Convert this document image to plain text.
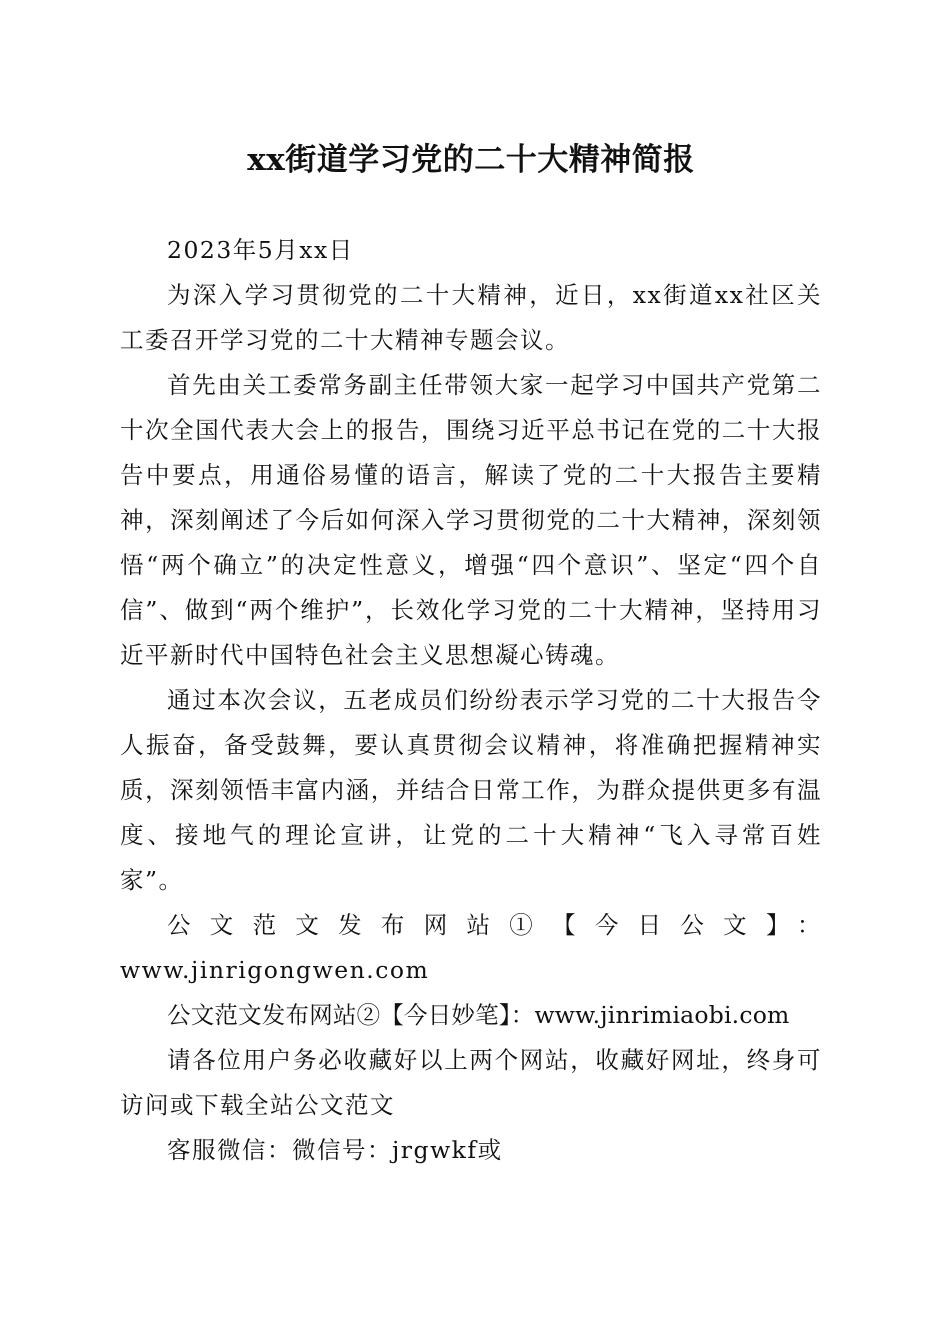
xx街道学习党的二十大精神简报

2023年5月xx日

为深入学习贯彻党的二十大精神，近日，xx街道xx社区关工委召开学习党的二十大精神专题会议。

首先由关工委常务副主任带领大家一起学习中国共产党第二十次全国代表大会上的报告，围绕习近平总书记在党的二十大报告中要点，用通俗易懂的语言，解读了党的二十大报告主要精神，深刻阐述了今后如何深入学习贯彻党的二十大精神，深刻领悟“两个确立”的决定性意义，增强“四个意识”、坚定“四个自信”、做到“两个维护”，长效化学习党的二十大精神，坚持用习近平新时代中国特色社会主义思想凝心铸魂。

通过本次会议，五老成员们纷纷表示学习党的二十大报告令人振奋，备受鼓舞，要认真贯彻会议精神，将准确把握精神实质，深刻领悟丰富内涵，并结合日常工作，为群众提供更多有温度、接地气的理论宣讲，让党的二十大精神“飞入寻常百姓家”。

公文范文发布网站①【今日公文】：

www.jinrigongwen.com

公文范文发布网站②【今日妙笔】：www.jinrimiaobi.com

请各位用户务必收藏好以上两个网站，收藏好网址，终身可访问或下载全站公文范文

客服微信：微信号：jrgwkf或
